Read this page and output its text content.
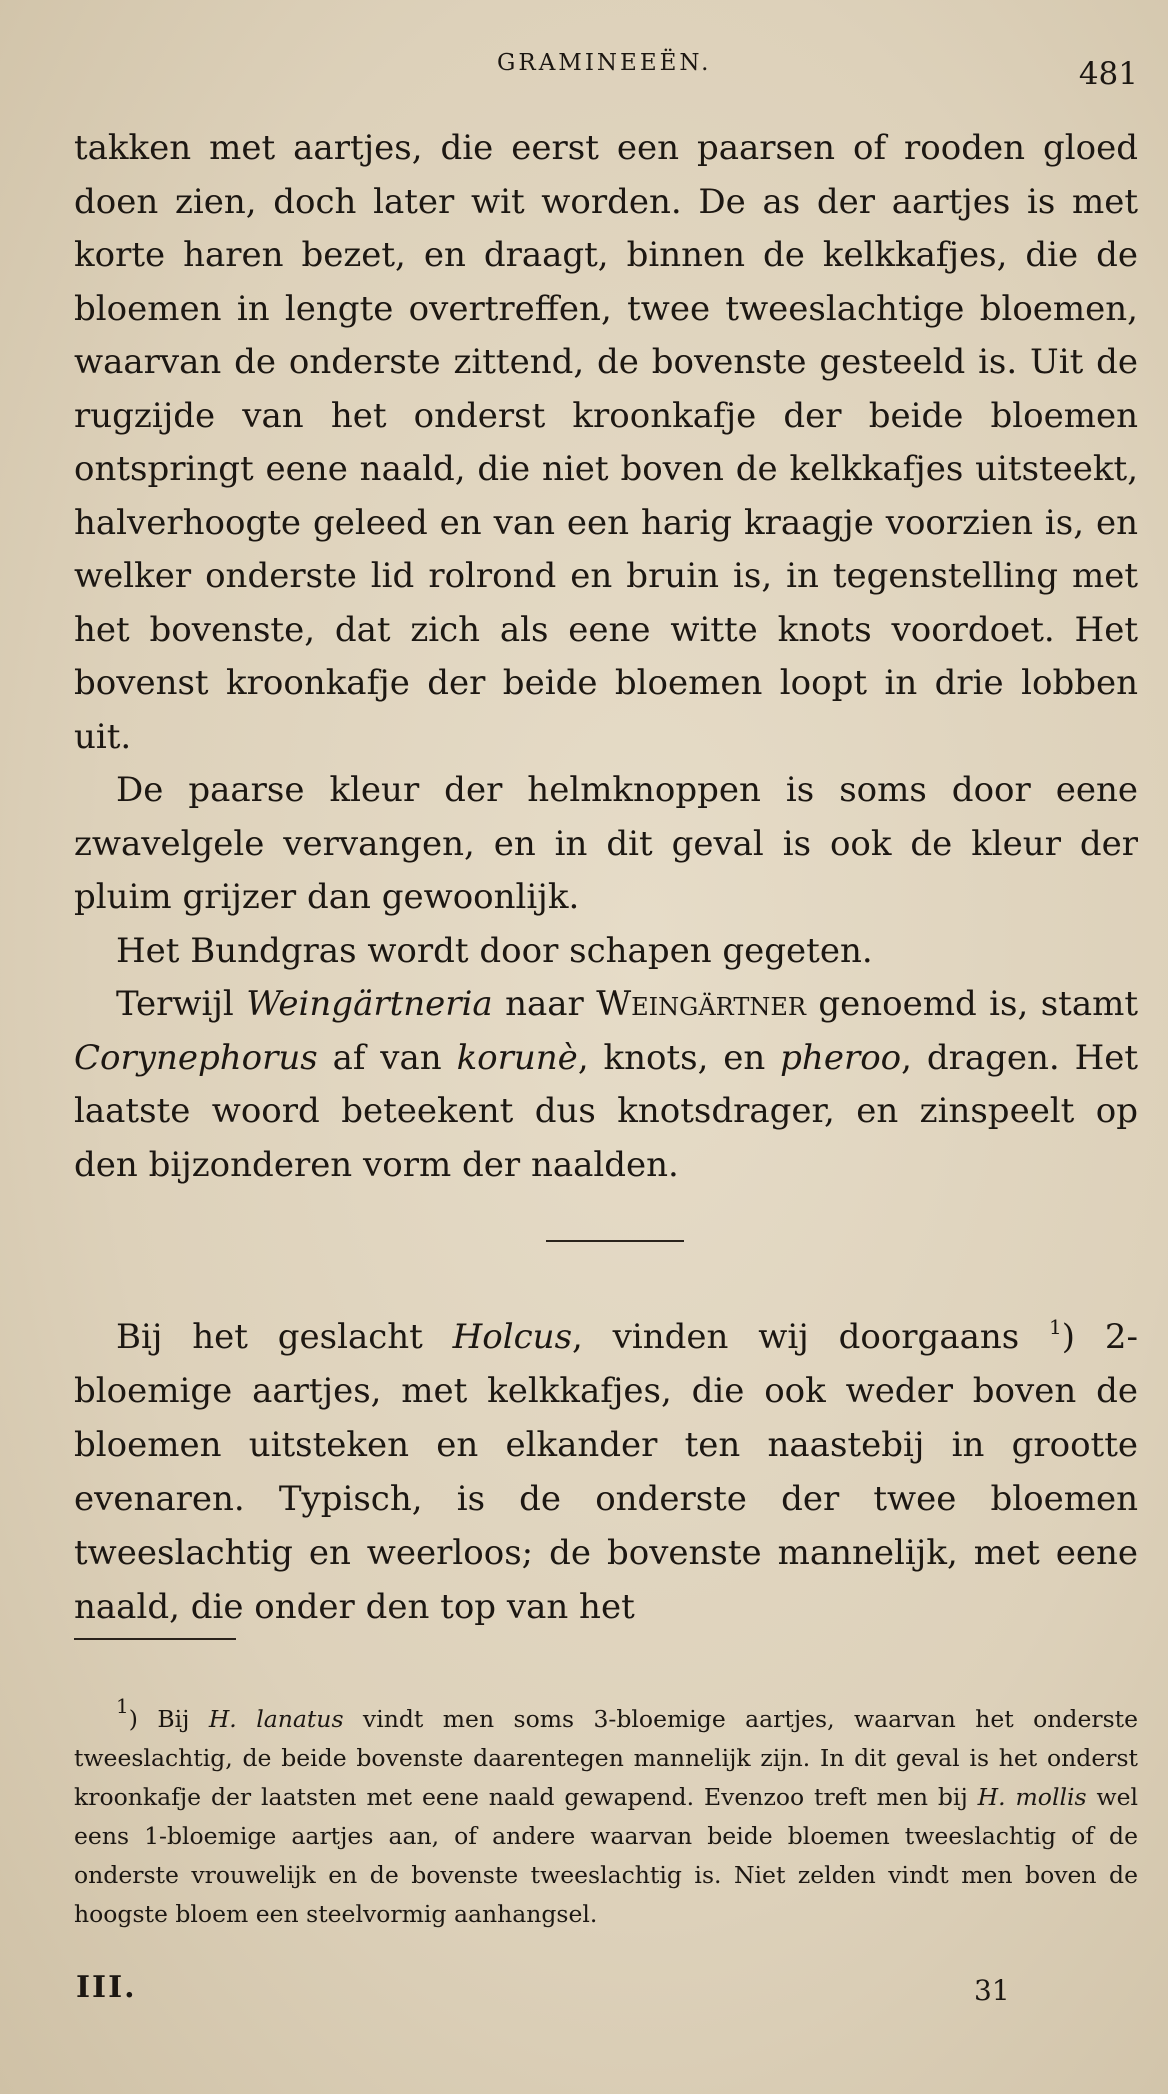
GRAMINEEËN.	481

takken met aartjes, die eerst een paarsen of rooden gloed doen zien, doch later wit worden. De as der aartjes is met korte haren bezet, en draagt, binnen de kelkkafjes, die de bloemen in lengte overtreffen, twee tweeslachtige bloemen, waarvan de onderste zittend, de bovenste gesteeld is. Uit de rugzijde van het onderst kroonkafje der beide bloemen ontspringt eene naald, die niet boven de kelkkafjes uitsteekt, halverhoogte geleed en van een harig kraagje voorzien is, en welker onderste lid rolrond en bruin is, in tegenstelling met het bovenste, dat zich als eene witte knots voordoet. Het bovenst kroonkafje der beide bloemen loopt in drie lobben uit.

De paarse kleur der helmknoppen is soms door eene zwavelgele vervangen, en in dit geval is ook de kleur der pluim grijzer dan gewoonlijk.

Het Bundgras wordt door schapen gegeten.

Terwijl Weingärtneria naar Weingärtner genoemd is, stamt Corynephorus af van korunè, knots, en pheroo, dragen. Het laatste woord beteekent dus knotsdrager, en zinspeelt op den bijzonderen vorm der naalden.

Bij het geslacht Holcus, vinden wij doorgaans $^1$) 2-bloemige aartjes, met kelkkafjes, die ook weder boven de bloemen uitsteken en elkander ten naastebij in grootte evenaren. Typisch, is de onderste der twee bloemen tweeslachtig en weerloos; de bovenste mannelijk, met eene naald, die onder den top van het

$^1$) Bij H. lanatus vindt men soms 3-bloemige aartjes, waarvan het onderste tweeslachtig, de beide bovenste daarentegen mannelijk zijn. In dit geval is het onderst kroonkafje der laatsten met eene naald gewapend. Evenzoo treft men bij H. mollis wel eens 1-bloemige aartjes aan, of andere waarvan beide bloemen tweeslachtig of de onderste vrouwelijk en de bovenste tweeslachtig is. Niet zelden vindt men boven de hoogste bloem een steelvormig aanhangsel.
III.	31
